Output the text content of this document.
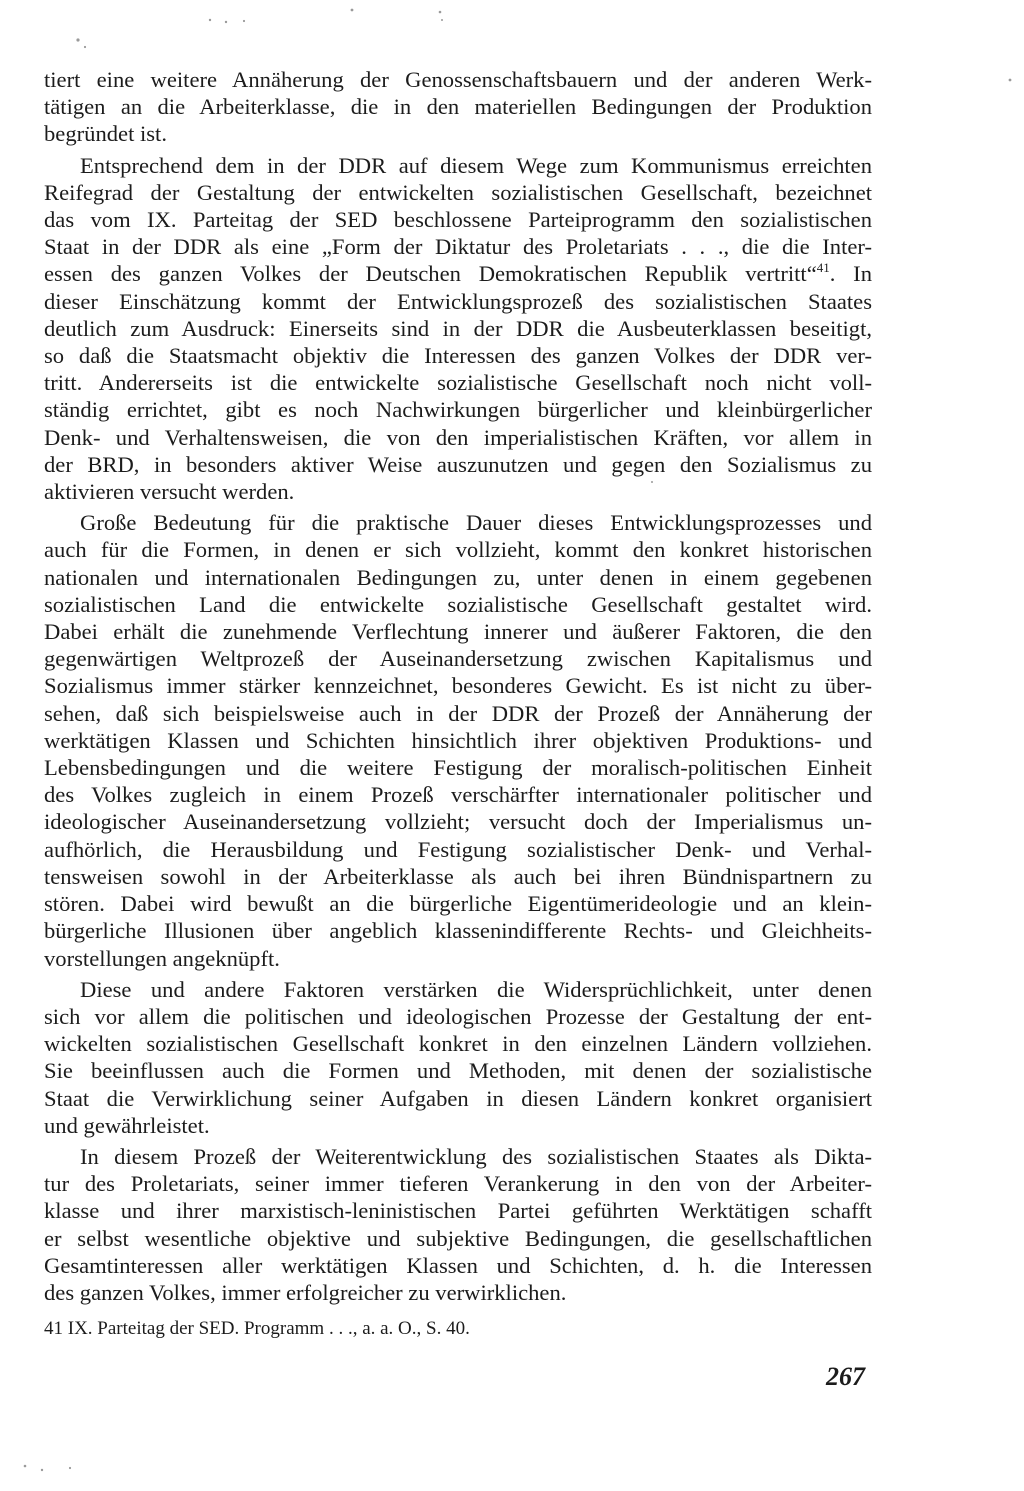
tiert eine weitere Annäherung der Genossenschaftsbauern und der anderen Werk-
tätigen an die Arbeiterklasse, die in den materiellen Bedingungen der Produktion
begründet ist.
Entsprechend dem in der DDR auf diesem Wege zum Kommunismus erreichten
Reifegrad der Gestaltung der entwickelten sozialistischen Gesellschaft, bezeichnet
das vom IX. Parteitag der SED beschlossene Parteiprogramm den sozialistischen
Staat in der DDR als eine „Form der Diktatur des Proletariats . . ., die die Inter-
essen des ganzen Volkes der Deutschen Demokratischen Republik vertritt“$^{41}$. In
dieser Einschätzung kommt der Entwicklungsprozeß des sozialistischen Staates
deutlich zum Ausdruck: Einerseits sind in der DDR die Ausbeuterklassen beseitigt,
so daß die Staatsmacht objektiv die Interessen des ganzen Volkes der DDR ver-
tritt. Andererseits ist die entwickelte sozialistische Gesellschaft noch nicht voll-
ständig errichtet, gibt es noch Nachwirkungen bürgerlicher und kleinbürgerlicher
Denk- und Verhaltensweisen, die von den imperialistischen Kräften, vor allem in
der BRD, in besonders aktiver Weise auszunutzen und gegen den Sozialismus zu
aktivieren versucht werden.
Große Bedeutung für die praktische Dauer dieses Entwicklungsprozesses und
auch für die Formen, in denen er sich vollzieht, kommt den konkret historischen
nationalen und internationalen Bedingungen zu, unter denen in einem gegebenen
sozialistischen Land die entwickelte sozialistische Gesellschaft gestaltet wird.
Dabei erhält die zunehmende Verflechtung innerer und äußerer Faktoren, die den
gegenwärtigen Weltprozeß der Auseinandersetzung zwischen Kapitalismus und
Sozialismus immer stärker kennzeichnet, besonderes Gewicht. Es ist nicht zu über-
sehen, daß sich beispielsweise auch in der DDR der Prozeß der Annäherung der
werktätigen Klassen und Schichten hinsichtlich ihrer objektiven Produktions- und
Lebensbedingungen und die weitere Festigung der moralisch-politischen Einheit
des Volkes zugleich in einem Prozeß verschärfter internationaler politischer und
ideologischer Auseinandersetzung vollzieht; versucht doch der Imperialismus un-
aufhörlich, die Herausbildung und Festigung sozialistischer Denk- und Verhal-
tensweisen sowohl in der Arbeiterklasse als auch bei ihren Bündnispartnern zu
stören. Dabei wird bewußt an die bürgerliche Eigentümerideologie und an klein-
bürgerliche Illusionen über angeblich klassenindifferente Rechts- und Gleichheits-
vorstellungen angeknüpft.
Diese und andere Faktoren verstärken die Widersprüchlichkeit, unter denen
sich vor allem die politischen und ideologischen Prozesse der Gestaltung der ent-
wickelten sozialistischen Gesellschaft konkret in den einzelnen Ländern vollziehen.
Sie beeinflussen auch die Formen und Methoden, mit denen der sozialistische
Staat die Verwirklichung seiner Aufgaben in diesen Ländern konkret organisiert
und gewährleistet.
In diesem Prozeß der Weiterentwicklung des sozialistischen Staates als Dikta-
tur des Proletariats, seiner immer tieferen Verankerung in den von der Arbeiter-
klasse und ihrer marxistisch-leninistischen Partei geführten Werktätigen schafft
er selbst wesentliche objektive und subjektive Bedingungen, die gesellschaftlichen
Gesamtinteressen aller werktätigen Klassen und Schichten, d. h. die Interessen
des ganzen Volkes, immer erfolgreicher zu verwirklichen.
41 IX. Parteitag der SED. Programm . . ., a. a. O., S. 40.
267
